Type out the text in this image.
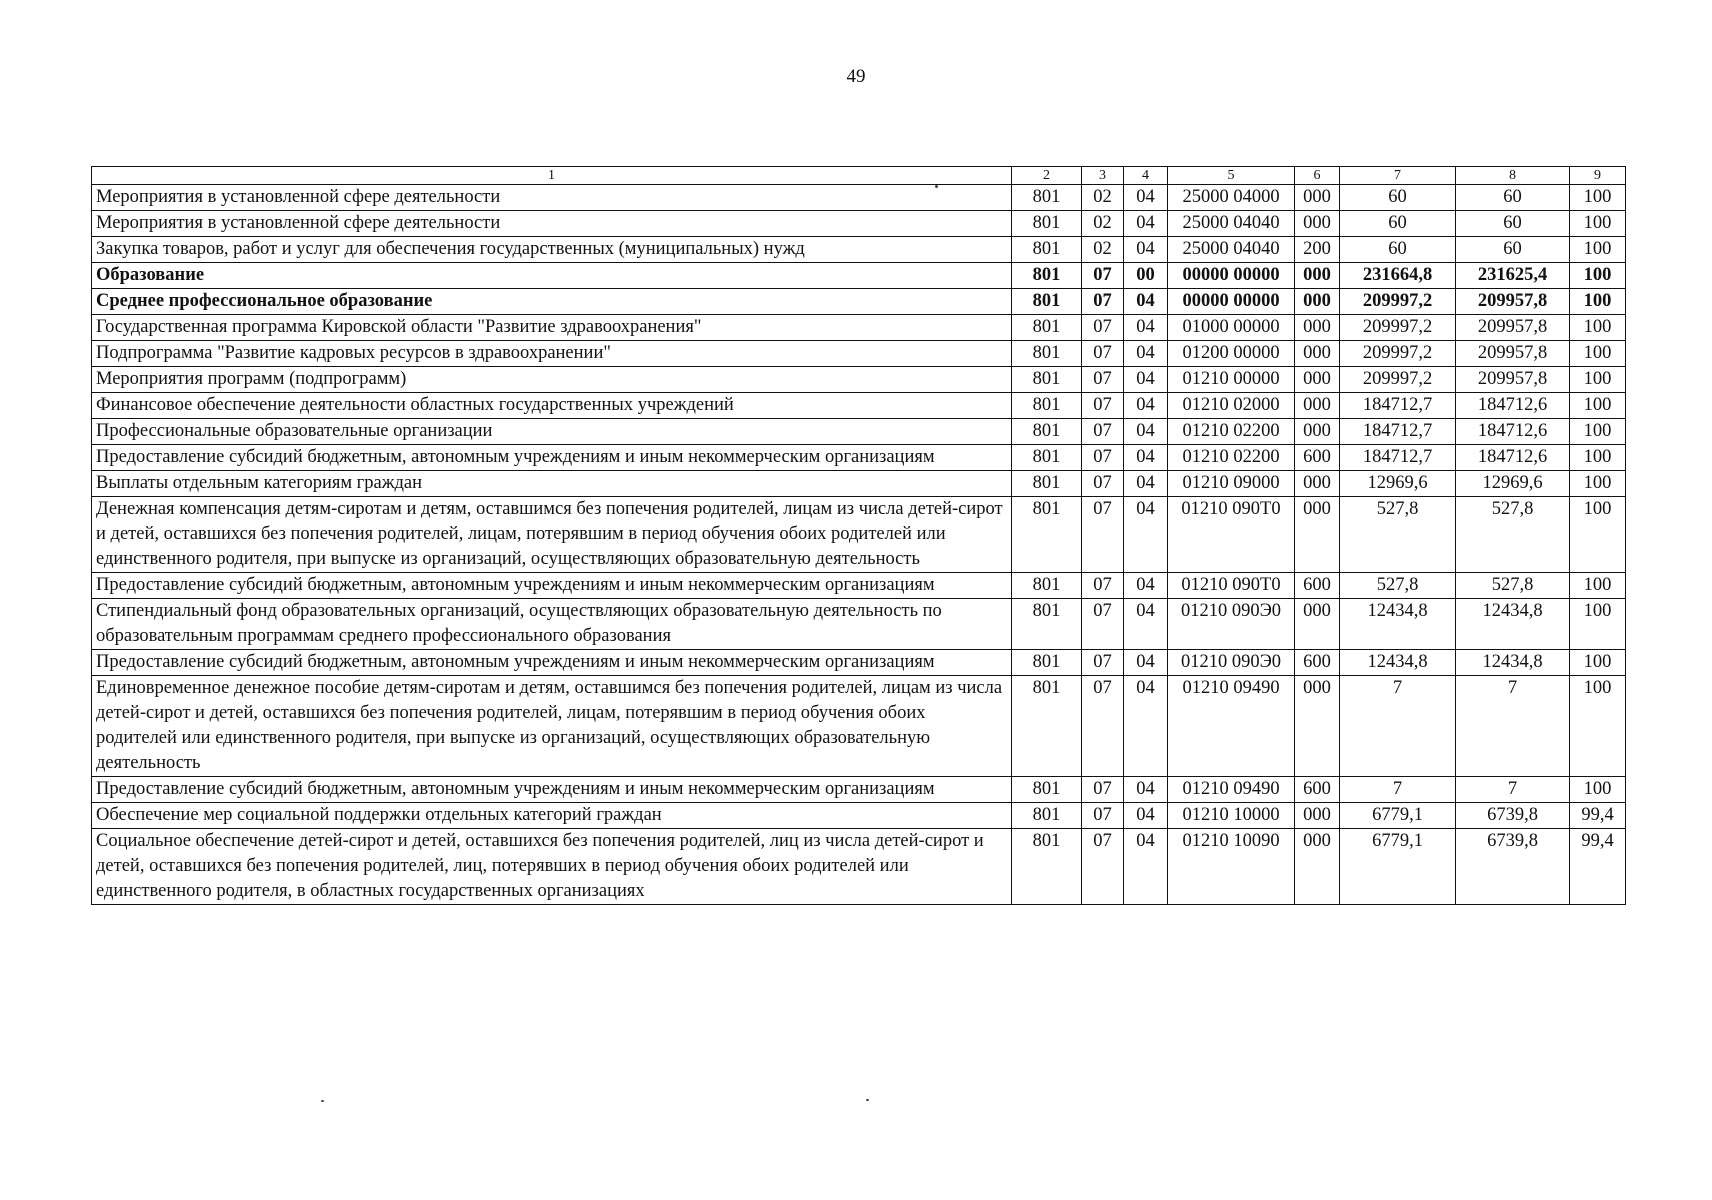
49
1	2	3	4	5	6	7	8	9
Мероприятия в установленной сфере деятельности	801	02	04	25000 04000	000	60	60	100
Мероприятия в установленной сфере деятельности	801	02	04	25000 04040	000	60	60	100
Закупка товаров, работ и услуг для обеспечения государственных (муниципальных) нужд	801	02	04	25000 04040	200	60	60	100
Образование	801	07	00	00000 00000	000	231664,8	231625,4	100
Среднее профессиональное образование	801	07	04	00000 00000	000	209997,2	209957,8	100
Государственная программа Кировской области "Развитие здравоохранения"	801	07	04	01000 00000	000	209997,2	209957,8	100
Подпрограмма "Развитие кадровых ресурсов в здравоохранении"	801	07	04	01200 00000	000	209997,2	209957,8	100
Мероприятия программ (подпрограмм)	801	07	04	01210 00000	000	209997,2	209957,8	100
Финансовое обеспечение деятельности областных государственных учреждений	801	07	04	01210 02000	000	184712,7	184712,6	100
Профессиональные образовательные организации	801	07	04	01210 02200	000	184712,7	184712,6	100
Предоставление субсидий бюджетным, автономным учреждениям и иным некоммерческим организациям	801	07	04	01210 02200	600	184712,7	184712,6	100
Выплаты отдельным категориям граждан	801	07	04	01210 09000	000	12969,6	12969,6	100
Денежная компенсация детям-сиротам и детям, оставшимся без попечения родителей, лицам из числа детей-сирот и детей, оставшихся без попечения родителей, лицам, потерявшим в период обучения обоих родителей или единственного родителя, при выпуске из организаций, осуществляющих образовательную деятельность	801	07	04	01210 090Т0	000	527,8	527,8	100
Предоставление субсидий бюджетным, автономным учреждениям и иным некоммерческим организациям	801	07	04	01210 090Т0	600	527,8	527,8	100
Стипендиальный фонд образовательных организаций, осуществляющих образовательную деятельность по образовательным программам среднего профессионального образования	801	07	04	01210 090Э0	000	12434,8	12434,8	100
Предоставление субсидий бюджетным, автономным учреждениям и иным некоммерческим организациям	801	07	04	01210 090Э0	600	12434,8	12434,8	100
Единовременное денежное пособие детям-сиротам и детям, оставшимся без попечения родителей, лицам из числа детей-сирот и детей, оставшихся без попечения родителей, лицам, потерявшим в период обучения обоих родителей или единственного родителя, при выпуске из организаций, осуществляющих образовательную деятельность	801	07	04	01210 09490	000	7	7	100
Предоставление субсидий бюджетным, автономным учреждениям и иным некоммерческим организациям	801	07	04	01210 09490	600	7	7	100
Обеспечение мер социальной поддержки отдельных категорий граждан	801	07	04	01210 10000	000	6779,1	6739,8	99,4
Социальное обеспечение детей-сирот и детей, оставшихся без попечения родителей, лиц из числа детей-сирот и детей, оставшихся без попечения родителей, лиц, потерявших в период обучения обоих родителей или единственного родителя, в областных государственных организациях	801	07	04	01210 10090	000	6779,1	6739,8	99,4
